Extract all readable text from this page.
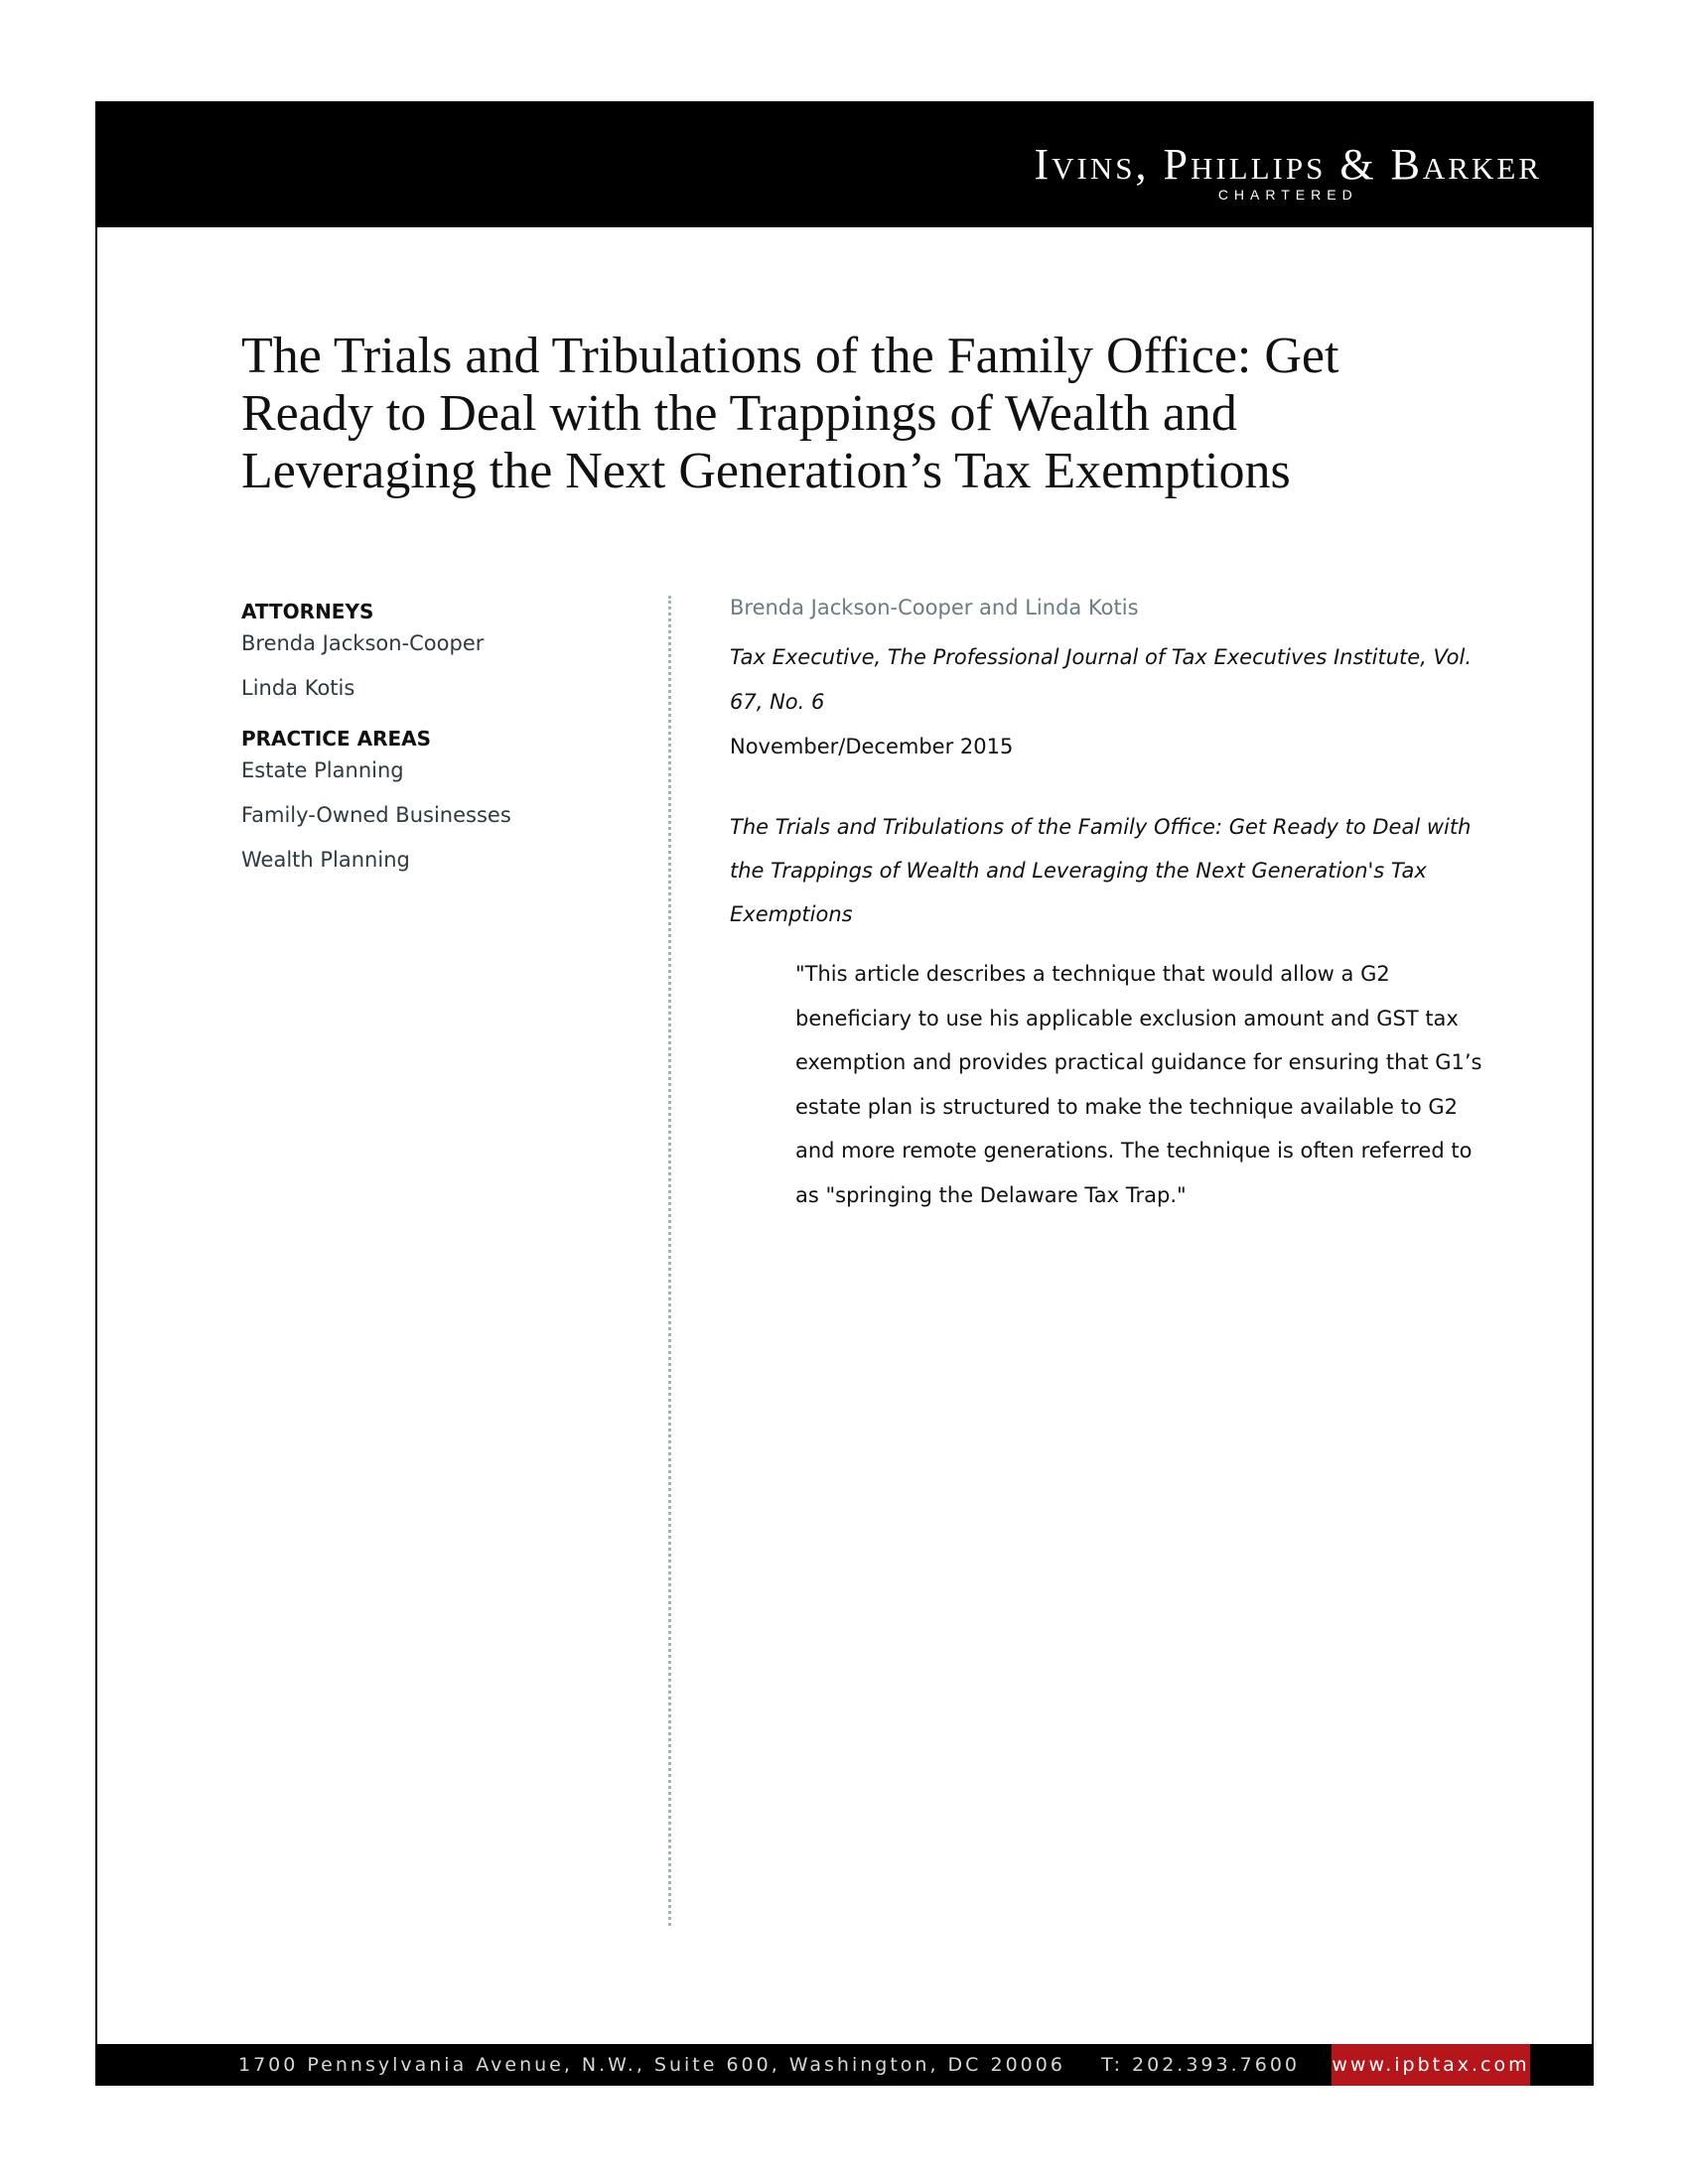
Ivins, Phillips & Barker
CHARTERED
The Trials and Tribulations of the Family Office: Get Ready to Deal with the Trappings of Wealth and Leveraging the Next Generation’s Tax Exemptions
ATTORNEYS
Brenda Jackson-Cooper
Linda Kotis
PRACTICE AREAS
Estate Planning
Family-Owned Businesses
Wealth Planning

Brenda Jackson-Cooper and Linda Kotis

Tax Executive, The Professional Journal of Tax Executives Institute, Vol. 67, No. 6

November/December 2015

The Trials and Tribulations of the Family Office: Get Ready to Deal with the Trappings of Wealth and Leveraging the Next Generation's Tax Exemptions

"This article describes a technique that would allow a G2 beneficiary to use his applicable exclusion amount and GST tax exemption and provides practical guidance for ensuring that G1’s estate plan is structured to make the technique available to G2 and more remote generations. The technique is often referred to as "springing the Delaware Tax Trap."

1700 Pennsylvania Avenue, N.W., Suite 600, Washington, DC 20006    T: 202.393.7600 www.ipbtax.com
